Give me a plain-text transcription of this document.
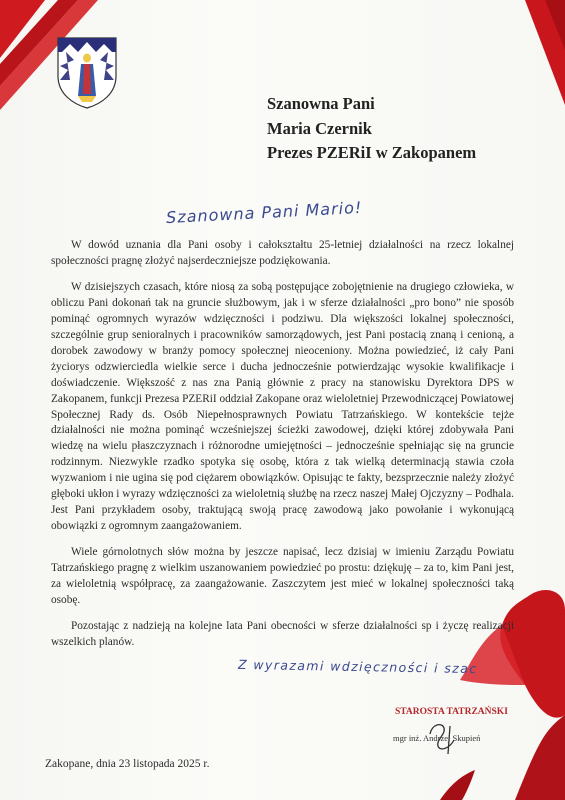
Szanowna Pani
Maria Czernik
Prezes PZERiI w Zakopanem
Szanowna Pani Mario!

W dowód uznania dla Pani osoby i całokształtu 25-letniej działalności na rzecz lokalnej społeczności pragnę złożyć najserdeczniejsze podziękowania.

W dzisiejszych czasach, które niosą za sobą postępujące zobojętnienie na drugiego człowieka, w obliczu Pani dokonań tak na gruncie służbowym, jak i w sferze działalności „pro bono” nie sposób pominąć ogromnych wyrazów wdzięczności i podziwu. Dla większości lokalnej społeczności, szczególnie grup senioralnych i pracowników samorządowych, jest Pani postacią znaną i cenioną, a dorobek zawodowy w branży pomocy społecznej nieoceniony. Można powiedzieć, iż cały Pani życiorys odzwierciedla wielkie serce i ducha jednocześnie potwierdzając wysokie kwalifikacje i doświadczenie. Większość z nas zna Panią głównie z pracy na stanowisku Dyrektora DPS w Zakopanem, funkcji Prezesa PZERiI oddział Zakopane oraz wieloletniej Przewodniczącej Powiatowej Społecznej Rady ds. Osób Niepełnosprawnych Powiatu Tatrzańskiego. W kontekście tejże działalności nie można pominąć wcześniejszej ścieżki zawodowej, dzięki której zdobywała Pani wiedzę na wielu płaszczyznach i różnorodne umiejętności – jednocześnie spełniając się na gruncie rodzinnym. Niezwykle rzadko spotyka się osobę, która z tak wielką determinacją stawia czoła wyzwaniom i nie ugina się pod ciężarem obowiązków. Opisując te fakty, bezsprzecznie należy złożyć głęboki ukłon i wyrazy wdzięczności za wieloletnią służbę na rzecz naszej Małej Ojczyzny – Podhala. Jest Pani przykładem osoby, traktującą swoją pracę zawodową jako powołanie i wykonującą obowiązki z ogromnym zaangażowaniem.

Wiele górnolotnych słów można by jeszcze napisać, lecz dzisiaj w imieniu Zarządu Powiatu Tatrzańskiego pragnę z wielkim uszanowaniem powiedzieć po prostu: dziękuję – za to, kim Pani jest, za wieloletnią współpracę, za zaangażowanie. Zaszczytem jest mieć w lokalnej społeczności taką osobę.

Pozostając z nadzieją na kolejne lata Pani obecności w sferze działalności sp i życzę realizacji wszelkich planów.

Z wyrazami wdzięczności i szac
STAROSTA TATRZAŃSKI
mgr inż. Andrzej Skupień
Zakopane, dnia 23 listopada 2025 r.
